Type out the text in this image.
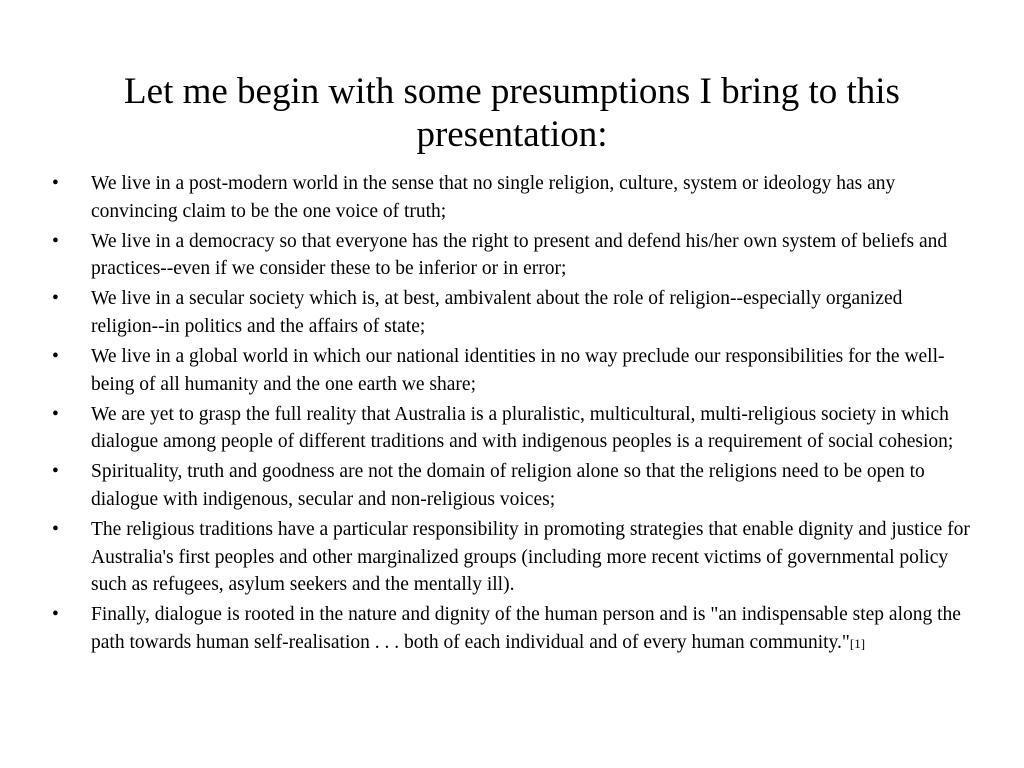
Let me begin with some presumptions I bring to this presentation:
•	We live in a post-modern world in the sense that no single religion, culture, system or ideology has any convincing claim to be the one voice of truth;
•	We live in a democracy so that everyone has the right to present and defend his/her own system of beliefs and practices--even if we consider these to be inferior or in error;
•	We live in a secular society which is, at best, ambivalent about the role of religion--especially organized religion--in politics and the affairs of state;
•	We live in a global world in which our national identities in no way preclude our responsibilities for the well-being of all humanity and the one earth we share;
•	We are yet to grasp the full reality that Australia is a pluralistic, multicultural, multi-religious society in which dialogue among people of different traditions and with indigenous peoples is a requirement of social cohesion;
•	Spirituality, truth and goodness are not the domain of religion alone so that the religions need to be open to dialogue with indigenous, secular and non-religious voices;
•	The religious traditions have a particular responsibility in promoting strategies that enable dignity and justice for Australia's first peoples and other marginalized groups (including more recent victims of governmental policy such as refugees, asylum seekers and the mentally ill).
•	Finally, dialogue is rooted in the nature and dignity of the human person and is "an indispensable step along the path towards human self-realisation . . . both of each individual and of every human community."[1]
